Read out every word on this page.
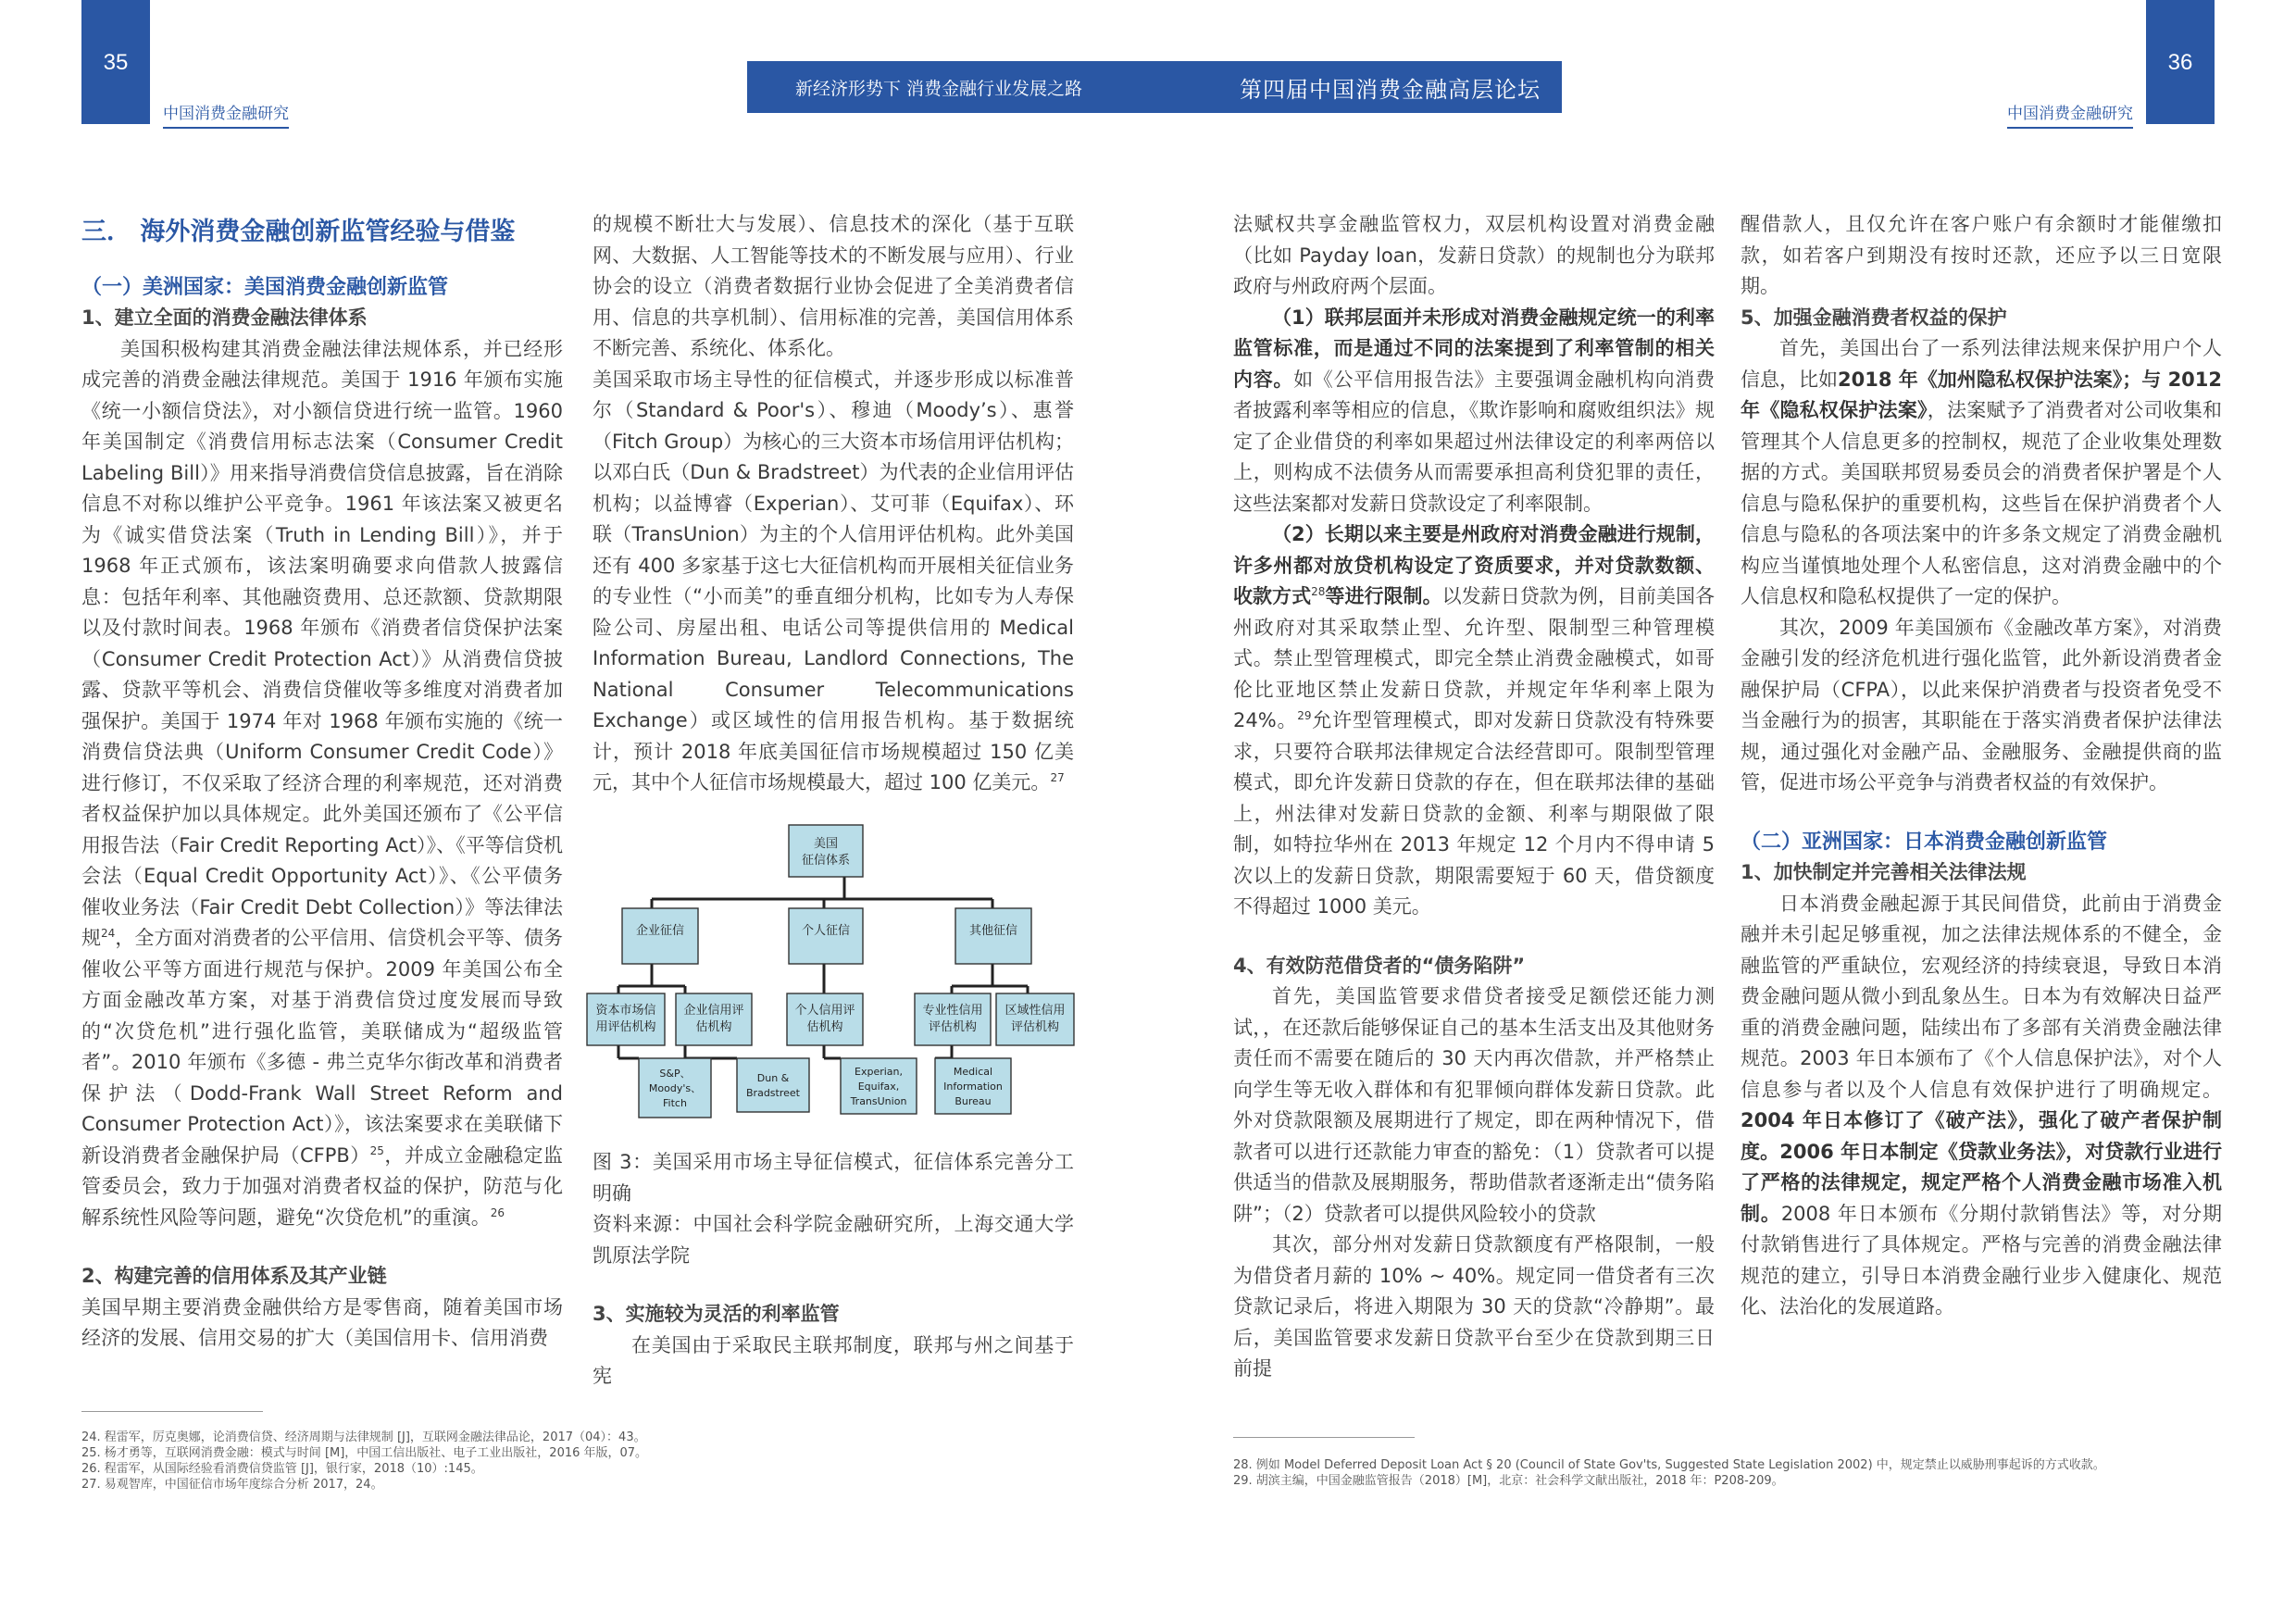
35
中国消费金融研究
新经济形势下 消费金融行业发展之路	第四届中国消费金融高层论坛
中国消费金融研究
36

三． 海外消费金融创新监管经验与借鉴

（一）美洲国家：美国消费金融创新监管

1、建立全面的消费金融法律体系

美国积极构建其消费金融法律法规体系，并已经形成完善的消费金融法律规范。美国于 1916 年颁布实施《统一小额信贷法》，对小额信贷进行统一监管。1960 年美国制定《消费信用标志法案（Consumer Credit Labeling Bill）》用来指导消费信贷信息披露，旨在消除信息不对称以维护公平竞争。1961 年该法案又被更名为《诚实借贷法案（Truth in Lending Bill）》，并于 1968 年正式颁布，该法案明确要求向借款人披露信息：包括年利率、其他融资费用、总还款额、贷款期限以及付款时间表。1968 年颁布《消费者信贷保护法案（Consumer Credit Protection Act）》从消费信贷披露、贷款平等机会、消费信贷催收等多维度对消费者加强保护。美国于 1974 年对 1968 年颁布实施的《统一消费信贷法典（Uniform Consumer Credit Code）》进行修订，不仅采取了经济合理的利率规范，还对消费者权益保护加以具体规定。此外美国还颁布了《公平信用报告法（Fair Credit Reporting Act）》、《平等信贷机会法（Equal Credit Opportunity Act）》、《公平债务催收业务法（Fair Credit Debt Collection）》等法律法规$^{24}$，全方面对消费者的公平信用、信贷机会平等、债务催收公平等方面进行规范与保护。2009 年美国公布全方面金融改革方案，对基于消费信贷过度发展而导致的“次贷危机”进行强化监管，美联储成为“超级监管者”。2010 年颁布《多德 - 弗兰克华尔街改革和消费者保护法（Dodd-Frank Wall Street Reform and Consumer Protection Act）》，该法案要求在美联储下新设消费者金融保护局（CFPB）$^{25}$，并成立金融稳定监管委员会，致力于加强对消费者权益的保护，防范与化解系统性风险等问题，避免“次贷危机”的重演。$^{26}$

2、构建完善的信用体系及其产业链

美国早期主要消费金融供给方是零售商，随着美国市场经济的发展、信用交易的扩大（美国信用卡、信用消费

的规模不断壮大与发展）、信息技术的深化（基于互联网、大数据、人工智能等技术的不断发展与应用）、行业协会的设立（消费者数据行业协会促进了全美消费者信用、信息的共享机制）、信用标准的完善，美国信用体系不断完善、系统化、体系化。

美国采取市场主导性的征信模式，并逐步形成以标准普尔（Standard & Poor's）、穆迪（Moody’s）、惠誉（Fitch Group）为核心的三大资本市场信用评估机构；以邓白氏（Dun & Bradstreet）为代表的企业信用评估机构；以益博睿（Experian）、艾可菲（Equifax）、环联（TransUnion）为主的个人信用评估机构。此外美国还有 400 多家基于这七大征信机构而开展相关征信业务的专业性（“小而美”的垂直细分机构，比如专为人寿保险公司、房屋出租、电话公司等提供信用的 Medical Information Bureau, Landlord Connections, The National Consumer Telecommunications Exchange）或区域性的信用报告机构。基于数据统计，预计 2018 年底美国征信市场规模超过 150 亿美元，其中个人征信市场规模最大，超过 100 亿美元。$^{27}$

美国
征信体系
企业征信	个人征信	其他征信
资本市场信
用评估机构
企业信用评
估机构
个人信用评
估机构
专业性信用
评估机构
区域性信用
评估机构
S&P、
Moody's、
Fitch
Dun &
Bradstreet
Experian,
Equifax,
TransUnion
Medical
Information
Bureau

图 3：美国采用市场主导征信模式，征信体系完善分工明确

资料来源：中国社会科学院金融研究所，上海交通大学凯原法学院

3、实施较为灵活的利率监管

在美国由于采取民主联邦制度，联邦与州之间基于宪

法赋权共享金融监管权力，双层机构设置对消费金融（比如 Payday loan，发薪日贷款）的规制也分为联邦政府与州政府两个层面。

（1）联邦层面并未形成对消费金融规定统一的利率监管标准，而是通过不同的法案提到了利率管制的相关内容。如《公平信用报告法》主要强调金融机构向消费者披露利率等相应的信息，《欺诈影响和腐败组织法》规定了企业借贷的利率如果超过州法律设定的利率两倍以上，则构成不法债务从而需要承担高利贷犯罪的责任，这些法案都对发薪日贷款设定了利率限制。

（2）长期以来主要是州政府对消费金融进行规制，许多州都对放贷机构设定了资质要求，并对贷款数额、收款方式$^{28}$等进行限制。以发薪日贷款为例，目前美国各州政府对其采取禁止型、允许型、限制型三种管理模式。禁止型管理模式，即完全禁止消费金融模式，如哥伦比亚地区禁止发薪日贷款，并规定年华利率上限为 24%。$^{29}$允许型管理模式，即对发薪日贷款没有特殊要求，只要符合联邦法律规定合法经营即可。限制型管理模式，即允许发薪日贷款的存在，但在联邦法律的基础上，州法律对发薪日贷款的金额、利率与期限做了限制，如特拉华州在 2013 年规定 12 个月内不得申请 5 次以上的发薪日贷款，期限需要短于 60 天，借贷额度不得超过 1000 美元。

4、有效防范借贷者的“债务陷阱”

首先，美国监管要求借贷者接受足额偿还能力测试，，在还款后能够保证自己的基本生活支出及其他财务责任而不需要在随后的 30 天内再次借款，并严格禁止向学生等无收入群体和有犯罪倾向群体发薪日贷款。此外对贷款限额及展期进行了规定，即在两种情况下，借款者可以进行还款能力审查的豁免：（1）贷款者可以提供适当的借款及展期服务，帮助借款者逐渐走出“债务陷阱”；（2）贷款者可以提供风险较小的贷款

其次，部分州对发薪日贷款额度有严格限制，一般为借贷者月薪的 10% ~ 40%。规定同一借贷者有三次贷款记录后，将进入期限为 30 天的贷款“冷静期”。最后，美国监管要求发薪日贷款平台至少在贷款到期三日前提

醒借款人，且仅允许在客户账户有余额时才能催缴扣款，如若客户到期没有按时还款，还应予以三日宽限期。

5、加强金融消费者权益的保护

首先，美国出台了一系列法律法规来保护用户个人信息，比如2018 年《加州隐私权保护法案》；与 2012 年《隐私权保护法案》，法案赋予了消费者对公司收集和管理其个人信息更多的控制权，规范了企业收集处理数据的方式。美国联邦贸易委员会的消费者保护署是个人信息与隐私保护的重要机构，这些旨在保护消费者个人信息与隐私的各项法案中的许多条文规定了消费金融机构应当谨慎地处理个人私密信息，这对消费金融中的个人信息权和隐私权提供了一定的保护。

其次，2009 年美国颁布《金融改革方案》，对消费金融引发的经济危机进行强化监管，此外新设消费者金融保护局（CFPA），以此来保护消费者与投资者免受不当金融行为的损害，其职能在于落实消费者保护法律法规，通过强化对金融产品、金融服务、金融提供商的监管，促进市场公平竞争与消费者权益的有效保护。

（二）亚洲国家：日本消费金融创新监管

1、加快制定并完善相关法律法规

日本消费金融起源于其民间借贷，此前由于消费金融并未引起足够重视，加之法律法规体系的不健全，金融监管的严重缺位，宏观经济的持续衰退，导致日本消费金融问题从微小到乱象丛生。日本为有效解决日益严重的消费金融问题，陆续出布了多部有关消费金融法律规范。2003 年日本颁布了《个人信息保护法》，对个人信息参与者以及个人信息有效保护进行了明确规定。2004 年日本修订了《破产法》，强化了破产者保护制度。2006 年日本制定《贷款业务法》，对贷款行业进行了严格的法律规定，规定严格个人消费金融市场准入机制。2008 年日本颁布《分期付款销售法》等，对分期付款销售进行了具体规定。严格与完善的消费金融法律规范的建立，引导日本消费金融行业步入健康化、规范化、法治化的发展道路。

24. 程雷军，厉克奥娜，论消费信贷、经济周期与法律规制 [J]，互联网金融法律品论，2017（04）：43。
25. 杨才勇等，互联网消费金融：模式与时间 [M]，中国工信出版社、电子工业出版社，2016 年版，07。
26. 程雷军，从国际经验看消费信贷监管 [J]，银行家，2018（10）:145。
27. 易观智库，中国征信市场年度综合分析 2017，24。
28. 例如 Model Deferred Deposit Loan Act § 20 (Council of State Gov'ts, Suggested State Legislation 2002) 中，规定禁止以威胁刑事起诉的方式收款。
29. 胡滨主编，中国金融监管报告（2018）[M]，北京：社会科学文献出版社，2018 年：P208-209。
